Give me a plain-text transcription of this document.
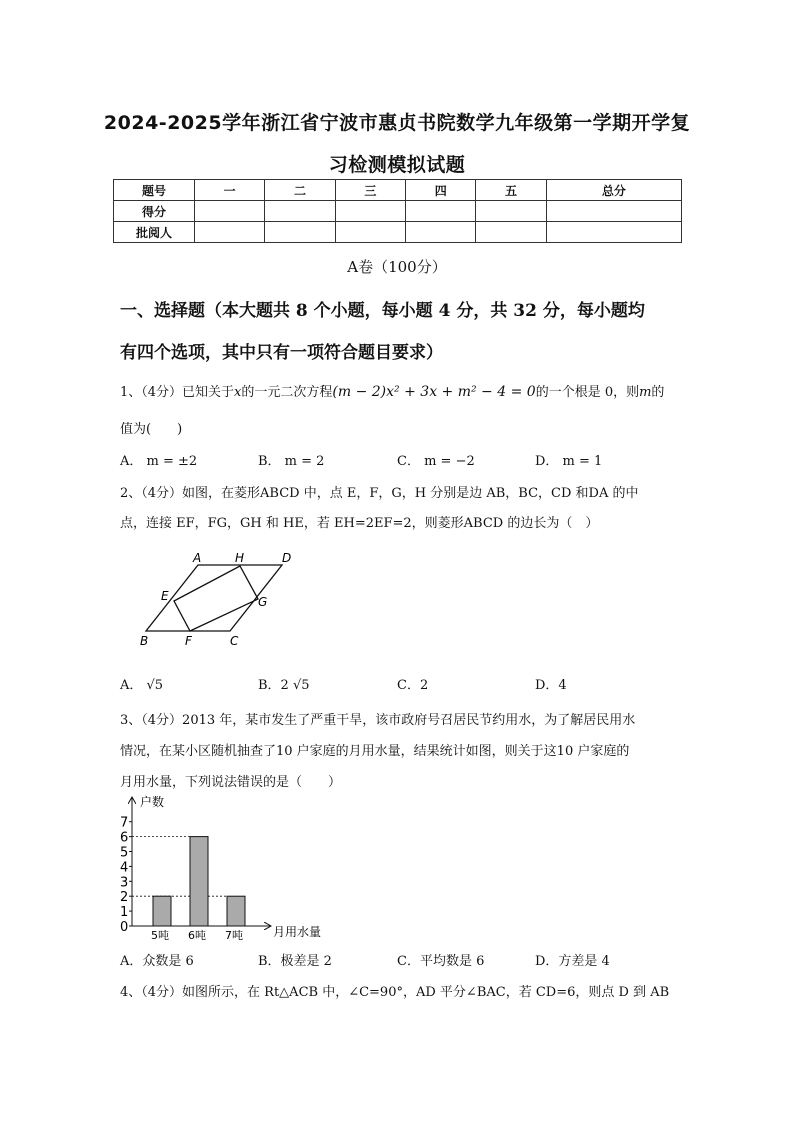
2024-2025学年浙江省宁波市惠贞书院数学九年级第一学期开学复
习检测模拟试题
题号	一	二	三	四	五	总分
得分						
批阅人						
A卷（100分）
一、选择题（本大题共 8 个小题，每小题 4 分，共 32 分，每小题均
有四个选项，其中只有一项符合题目要求）
1、（4分）已知关于x的一元二次方程(m − 2)x² + 3x + m² − 4 = 0的一个根是 0，则m的
值为(　　)
A． m = ±2	B． m = 2	C． m = −2	D． m = 1
2、（4分）如图，在菱形ABCD 中，点 E，F，G，H 分别是边 AB，BC，CD 和DA 的中
点，连接 EF，FG，GH 和 HE，若 EH=2EF=2，则菱形ABCD 的边长为（　）
A	H	D
E	G
B	F	C
A． √5	B．2 √5	C．2	D．4
3、（4分）2013 年，某市发生了严重干旱，该市政府号召居民节约用水，为了解居民用水
情况，在某小区随机抽查了10 户家庭的月用水量，结果统计如图，则关于这10 户家庭的
月用水量，下列说法错误的是（　　）
户数
月用水量
0
1
2
3
4
5
6
7
5吨 6吨 7吨
A．众数是 6	B．极差是 2	C．平均数是 6	D．方差是 4
4、（4分）如图所示，在 Rt△ACB 中，∠C=90°，AD 平分∠BAC，若 CD=6，则点 D 到 AB
